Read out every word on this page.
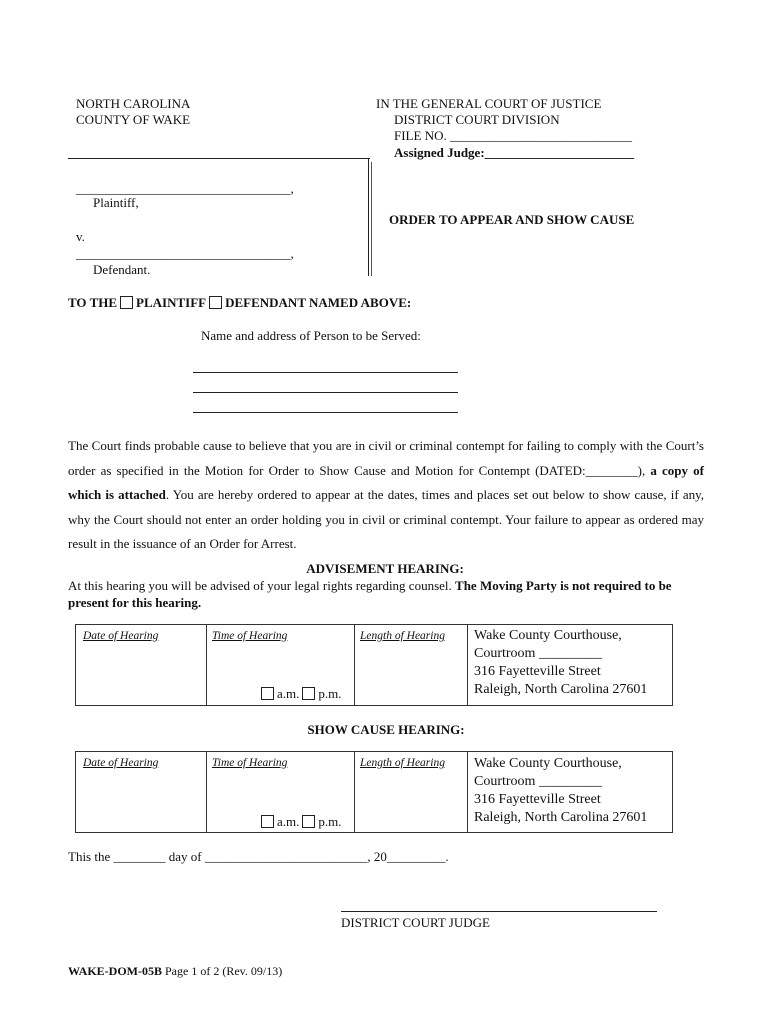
NORTH CAROLINA
COUNTY OF WAKE
IN THE GENERAL COURT OF JUSTICE
DISTRICT COURT DIVISION
FILE NO. ____________________________
Assigned Judge:_______________________
_________________________________,
Plaintiff,
v.
_________________________________,
Defendant.
ORDER TO APPEAR AND SHOW CAUSE
TO THE PLAINTIFF DEFENDANT NAMED ABOVE:
Name and address of Person to be Served:
The Court finds probable cause to believe that you are in civil or criminal contempt for failing to comply with the Court’s order as specified in the Motion for Order to Show Cause and Motion for Contempt (DATED:________), a copy of which is attached. You are hereby ordered to appear at the dates, times and places set out below to show cause, if any, why the Court should not enter an order holding you in civil or criminal contempt. Your failure to appear as ordered may result in the issuance of an Order for Arrest.
ADVISEMENT HEARING:
At this hearing you will be advised of your legal rights regarding counsel. The Moving Party is not required to be present for this hearing.
Date of Hearing	Time of Hearing
a.m. p.m.
Length of Hearing Wake County Courthouse,
Courtroom _________
316 Fayetteville Street
Raleigh, North Carolina 27601
SHOW CAUSE HEARING:
Date of Hearing	Time of Hearing
a.m. p.m.
Length of Hearing Wake County Courthouse,
Courtroom _________
316 Fayetteville Street
Raleigh, North Carolina 27601
This the ________ day of _________________________, 20_________.
DISTRICT COURT JUDGE
WAKE-DOM-05B Page 1 of 2 (Rev. 09/13)
